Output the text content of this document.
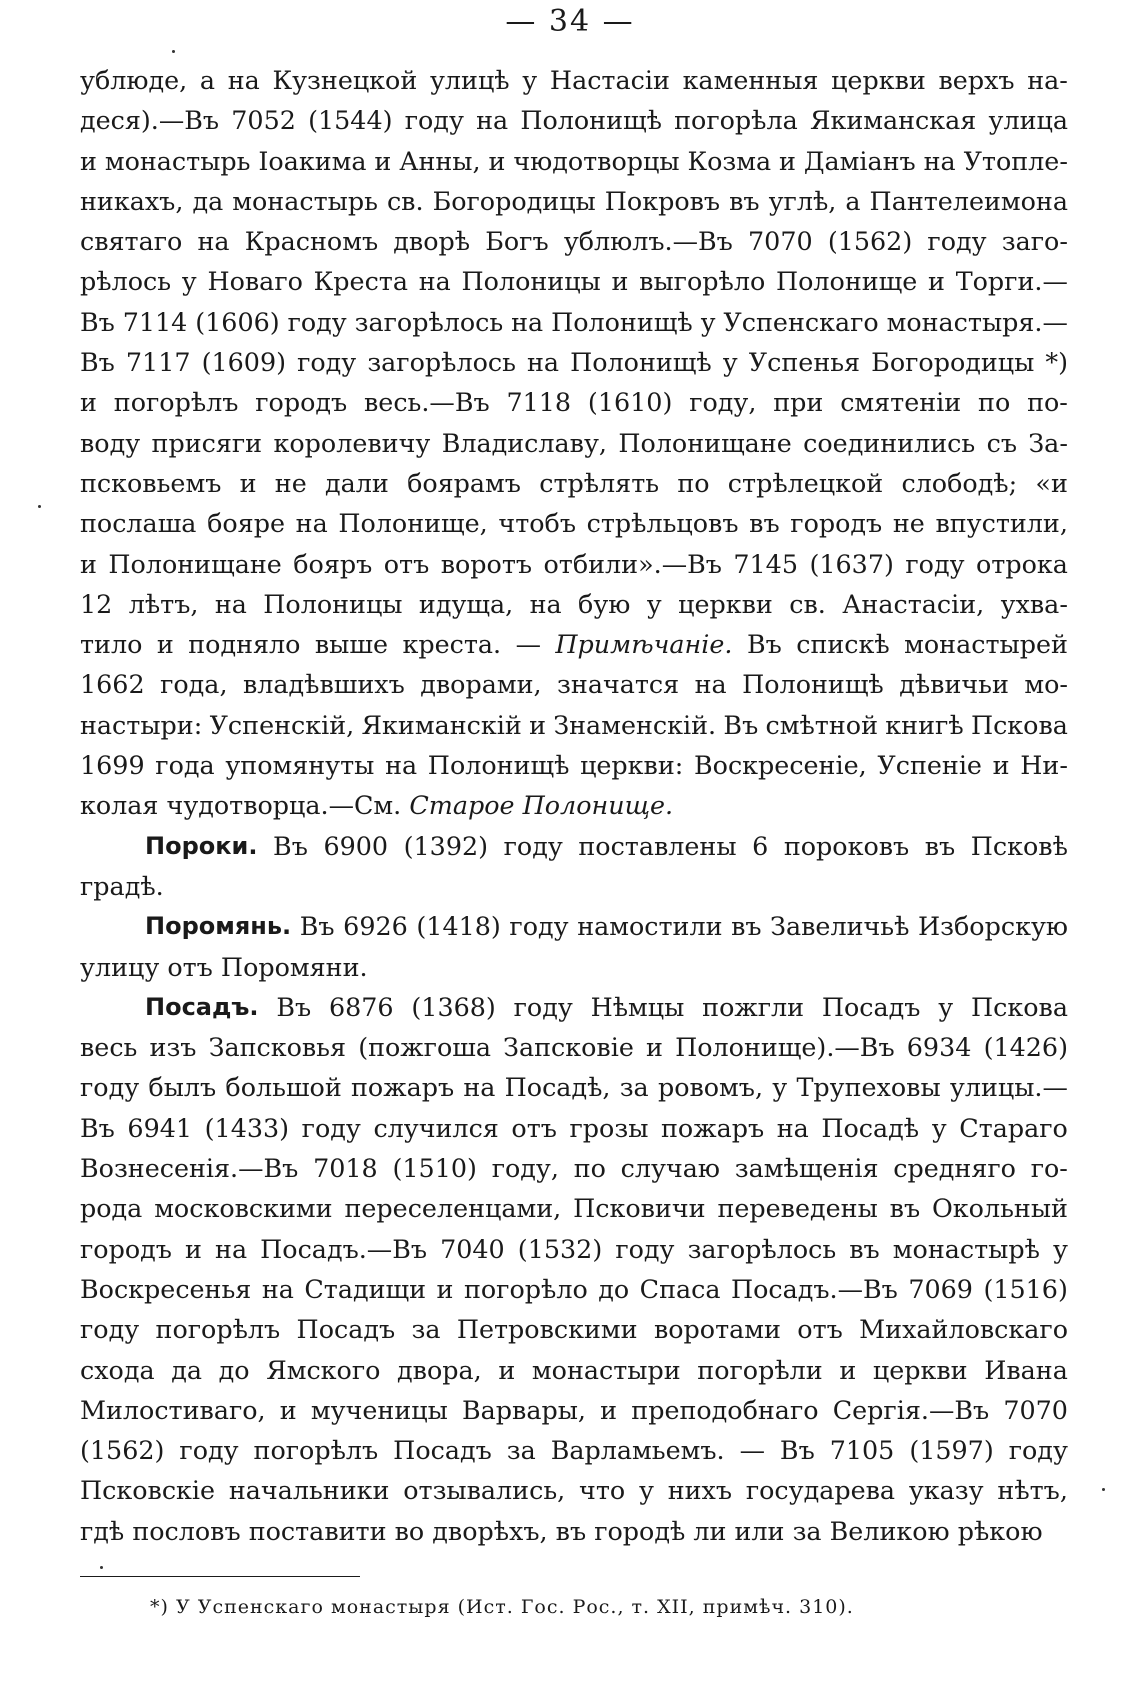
— 34 —
ублюде, а на Кузнецкой улицѣ у Настасіи каменныя церкви верхъ на-
деся).—Въ 7052 (1544) году на Полонищѣ погорѣла Якиманская улица
и монастырь Іоакима и Анны, и чюдотворцы Козма и Даміанъ на Утопле-
никахъ, да монастырь св. Богородицы Покровъ въ углѣ, а Пантелеимона
святаго на Красномъ дворѣ Богъ ублюлъ.—Въ 7070 (1562) году заго-
рѣлось у Новаго Креста на Полоницы и выгорѣло Полонище и Торги.—
Въ 7114 (1606) году загорѣлось на Полонищѣ у Успенскаго монастыря.—
Въ 7117 (1609) году загорѣлось на Полонищѣ у Успенья Богородицы *)
и погорѣлъ городъ весь.—Въ 7118 (1610) году, при смятеніи по по-
воду присяги королевичу Владиславу, Полонищане соединились съ За-
псковьемъ и не дали боярамъ стрѣлять по стрѣлецкой слободѣ; «и
послаша бояре на Полонище, чтобъ стрѣльцовъ въ городъ не впустили,
и Полонищане бояръ отъ воротъ отбили».—Въ 7145 (1637) году отрока
12 лѣтъ, на Полоницы идуща, на бую у церкви св. Анастасіи, ухва-
тило и подняло выше креста. — Примѣчаніе. Въ спискѣ монастырей
1662 года, владѣвшихъ дворами, значатся на Полонищѣ дѣвичьи мо-
настыри: Успенскій, Якиманскій и Знаменскій. Въ смѣтной книгѣ Пскова
1699 года упомянуты на Полонищѣ церкви: Воскресеніе, Успеніе и Ни-
колая чудотворца.—См. Старое Полонище.
Пороки. Въ 6900 (1392) году поставлены 6 пороковъ въ Псковѣ
градѣ.
Поромянь. Въ 6926 (1418) году намостили въ Завеличьѣ Изборскую
улицу отъ Поромяни.
Посадъ. Въ 6876 (1368) году Нѣмцы пожгли Посадъ у Пскова
весь изъ Запсковья (пожгоша Запсковіе и Полонище).—Въ 6934 (1426)
году былъ большой пожаръ на Посадѣ, за ровомъ, у Трупеховы улицы.—
Въ 6941 (1433) году случился отъ грозы пожаръ на Посадѣ у Стараго
Вознесенія.—Въ 7018 (1510) году, по случаю замѣщенія средняго го-
рода московскими переселенцами, Псковичи переведены въ Окольный
городъ и на Посадъ.—Въ 7040 (1532) году загорѣлось въ монастырѣ у
Воскресенья на Стадищи и погорѣло до Спаса Посадъ.—Въ 7069 (1516)
году погорѣлъ Посадъ за Петровскими воротами отъ Михайловскаго
схода да до Ямского двора, и монастыри погорѣли и церкви Ивана
Милостиваго, и мученицы Варвары, и преподобнаго Сергія.—Въ 7070
(1562) году погорѣлъ Посадъ за Варламьемъ. — Въ 7105 (1597) году
Псковскіе начальники отзывались, что у нихъ государева указу нѣтъ,
гдѣ пословъ поставити во дворѣхъ, въ городѣ ли или за Великою рѣкою
*) У Успенскаго монастыря (Ист. Гос. Рос., т. XII, примѣч. 310).
